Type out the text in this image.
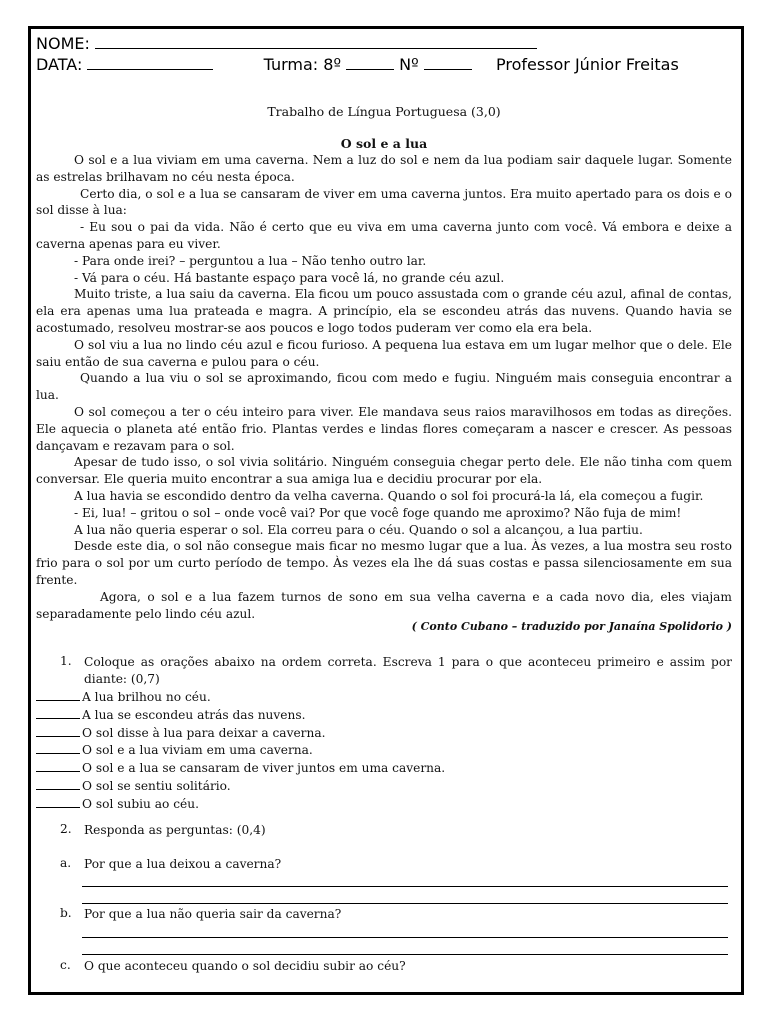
NOME:
DATA:	Turma: 8º	Nº	Professor Júnior Freitas
Trabalho de Língua Portuguesa (3,0)
O sol e a lua

O sol e a lua viviam em uma caverna. Nem a luz do sol e nem da lua podiam sair daquele lugar. Somente as estrelas brilhavam no céu nesta época.

Certo dia, o sol e a lua se cansaram de viver em uma caverna juntos. Era muito apertado para os dois e o sol disse à lua:

- Eu sou o pai da vida. Não é certo que eu viva em uma caverna junto com você. Vá embora e deixe a caverna apenas para eu viver.

- Para onde irei? – perguntou a lua – Não tenho outro lar.

- Vá para o céu. Há bastante espaço para você lá, no grande céu azul.

Muito triste, a lua saiu da caverna. Ela ficou um pouco assustada com o grande céu azul, afinal de contas, ela era apenas uma lua prateada e magra. A princípio, ela se escondeu atrás das nuvens. Quando havia se acostumado, resolveu mostrar-se aos poucos e logo todos puderam ver como ela era bela.

O sol viu a lua no lindo céu azul e ficou furioso. A pequena lua estava em um lugar melhor que o dele. Ele saiu então de sua caverna e pulou para o céu.

Quando a lua viu o sol se aproximando, ficou com medo e fugiu. Ninguém mais conseguia encontrar a lua.

O sol começou a ter o céu inteiro para viver. Ele mandava seus raios maravilhosos em todas as direções. Ele aquecia o planeta até então frio. Plantas verdes e lindas flores começaram a nascer e crescer. As pessoas dançavam e rezavam para o sol.

Apesar de tudo isso, o sol vivia solitário. Ninguém conseguia chegar perto dele. Ele não tinha com quem conversar. Ele queria muito encontrar a sua amiga lua e decidiu procurar por ela.

A lua havia se escondido dentro da velha caverna. Quando o sol foi procurá-la lá, ela começou a fugir.

- Ei, lua! – gritou o sol – onde você vai? Por que você foge quando me aproximo? Não fuja de mim!

A lua não queria esperar o sol. Ela correu para o céu. Quando o sol a alcançou, a lua partiu.

Desde este dia, o sol não consegue mais ficar no mesmo lugar que a lua. Às vezes, a lua mostra seu rosto frio para o sol por um curto período de tempo. Às vezes ela lhe dá suas costas e passa silenciosamente em sua frente.

Agora, o sol e a lua fazem turnos de sono em sua velha caverna e a cada novo dia, eles viajam separadamente pelo lindo céu azul.

( Conto Cubano – traduzido por Janaína Spolidorio )
1. Coloque as orações abaixo na ordem correta. Escreva 1 para o que aconteceu primeiro e assim por diante: (0,7)
A lua brilhou no céu.
A lua se escondeu atrás das nuvens.
O sol disse à lua para deixar a caverna.
O sol e a lua viviam em uma caverna.
O sol e a lua se cansaram de viver juntos em uma caverna.
O sol se sentiu solitário.
O sol subiu ao céu.
2. Responda as perguntas: (0,4)
a. Por que a lua deixou a caverna?
b. Por que a lua não queria sair da caverna?
c. O que aconteceu quando o sol decidiu subir ao céu?
